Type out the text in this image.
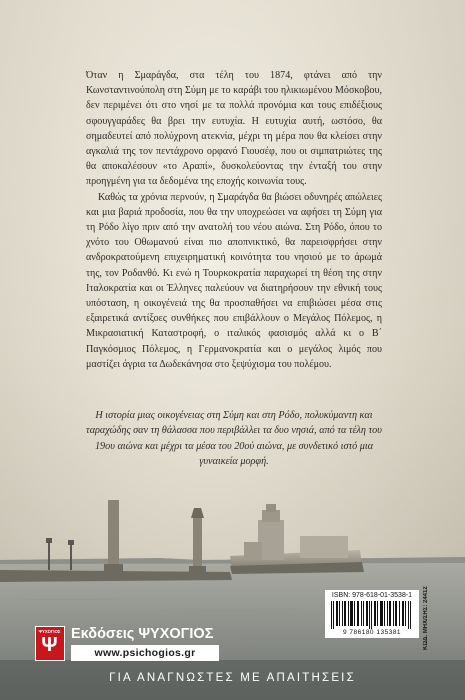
Όταν η Σμαράγδα, στα τέλη του 1874, φτάνει από την Κωνσταντινούπολη στη Σύμη με το καράβι του ηλικιωμένου Μόσκοβου, δεν περιμένει ότι στο νησί με τα πολλά προνόμια και τους επιδέξιους σφουγγαράδες θα βρει την ευτυχία. Η ευτυχία αυτή, ωστόσο, θα σημαδευτεί από πολύχρονη ατεκνία, μέχρι τη μέρα που θα κλείσει στην αγκαλιά της τον πεντάχρονο ορφανό Γιουσέφ, που οι σιμπατριώτες της θα αποκαλέσουν «το Αραπί», δυσκολεύοντας την ένταξή του στην προηγμένη για τα δεδομένα της εποχής κοινωνία τους.

Καθώς τα χρόνια περνούν, η Σμαράγδα θα βιώσει οδυνηρές απώλειες και μια βαριά προδοσία, που θα την υποχρεώσει να αφήσει τη Σύμη για τη Ρόδο λίγο πριν από την ανατολή του νέου αιώνα. Στη Ρόδο, όπου το χνότο του Οθωμανού είναι πιο αποπνικτικό, θα παρεισφρήσει στην ανδροκρατούμενη επιχειρηματική κοινότητα του νησιού με το άρωμά της, τον Ροδανθό. Κι ενώ η Τουρκοκρατία παραχωρεί τη θέση της στην Ιταλοκρατία και οι Έλληνες παλεύουν να διατηρήσουν την εθνική τους υπόσταση, η οικογένειά της θα προσπαθήσει να επιβιώσει μέσα στις εξαιρετικά αντίξοες συνθήκες που επιβάλλουν ο Μεγάλος Πόλεμος, η Μικρασιατική Καταστροφή, ο ιταλικός φασισμός αλλά κι ο Β΄ Παγκόσμιος Πόλεμος, η Γερμανοκρατία και ο μεγάλος λιμός που μαστίζει άγρια τα Δωδεκάνησα στο ξεψύχισμα του πολέμου.

Η ιστορία μιας οικογένειας στη Σύμη και στη Ρόδο, πολυκύμαντη και ταραχώδης σαν τη θάλασσα που περιβάλλει τα δυο νησιά, από τα τέλη του 19ου αιώνα και μέχρι τα μέσα του 20ού αιώνα, με συνδετικό ιστό μια γυναικεία μορφή.

ISBN: 978-618-01-3538-1
9 786180 135381	ΚΩΔ. ΜΗΧ/ΣΗΣ: 24412
ΨΥΧΟΓΙΟΣ
Ψ Εκδόσεις ΨΥΧΟΓΙΟΣ
www.psichogios.gr
ΓΙΑ ΑΝΑΓΝΩΣΤΕΣ ΜΕ ΑΠΑΙΤΗΣΕΙΣ
